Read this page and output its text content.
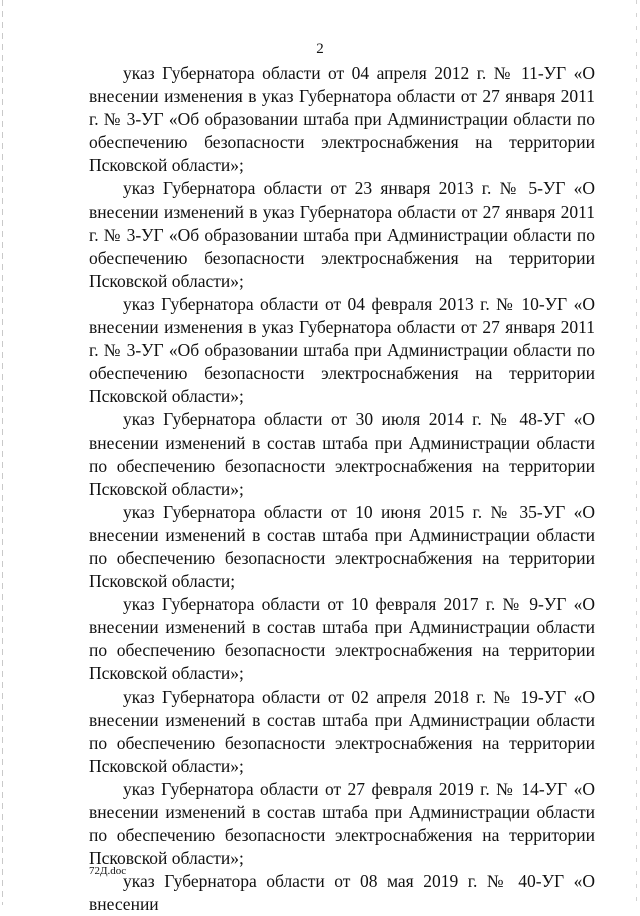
2

указ Губернатора области от 04 апреля 2012 г. № 11-УГ «О внесении изменения в указ Губернатора области от 27 января 2011 г. № 3-УГ «Об образовании штаба при Администрации области по обеспечению безопасности электроснабжения на территории Псковской области»;

указ Губернатора области от 23 января 2013 г. № 5-УГ «О внесении изменений в указ Губернатора области от 27 января 2011 г. № 3-УГ «Об образовании штаба при Администрации области по обеспечению безопасности электроснабжения на территории Псковской области»;

указ Губернатора области от 04 февраля 2013 г. № 10-УГ «О внесении изменения в указ Губернатора области от 27 января 2011 г. № 3-УГ «Об образовании штаба при Администрации области по обеспечению безопасности электроснабжения на территории Псковской области»;

указ Губернатора области от 30 июля 2014 г. № 48-УГ «О внесении изменений в состав штаба при Администрации области по обеспечению безопасности электроснабжения на территории Псковской области»;

указ Губернатора области от 10 июня 2015 г. № 35-УГ «О внесении изменений в состав штаба при Администрации области по обеспечению безопасности электроснабжения на территории Псковской области;

указ Губернатора области от 10 февраля 2017 г. № 9-УГ «О внесении изменений в состав штаба при Администрации области по обеспечению безопасности электроснабжения на территории Псковской области»;

указ Губернатора области от 02 апреля 2018 г. № 19-УГ «О внесении изменений в состав штаба при Администрации области по обеспечению безопасности электроснабжения на территории Псковской области»;

указ Губернатора области от 27 февраля 2019 г. № 14-УГ «О внесении изменений в состав штаба при Администрации области по обеспечению безопасности электроснабжения на территории Псковской области»;

указ Губернатора области от 08 мая 2019 г. № 40-УГ «О внесении

72Д.doc
